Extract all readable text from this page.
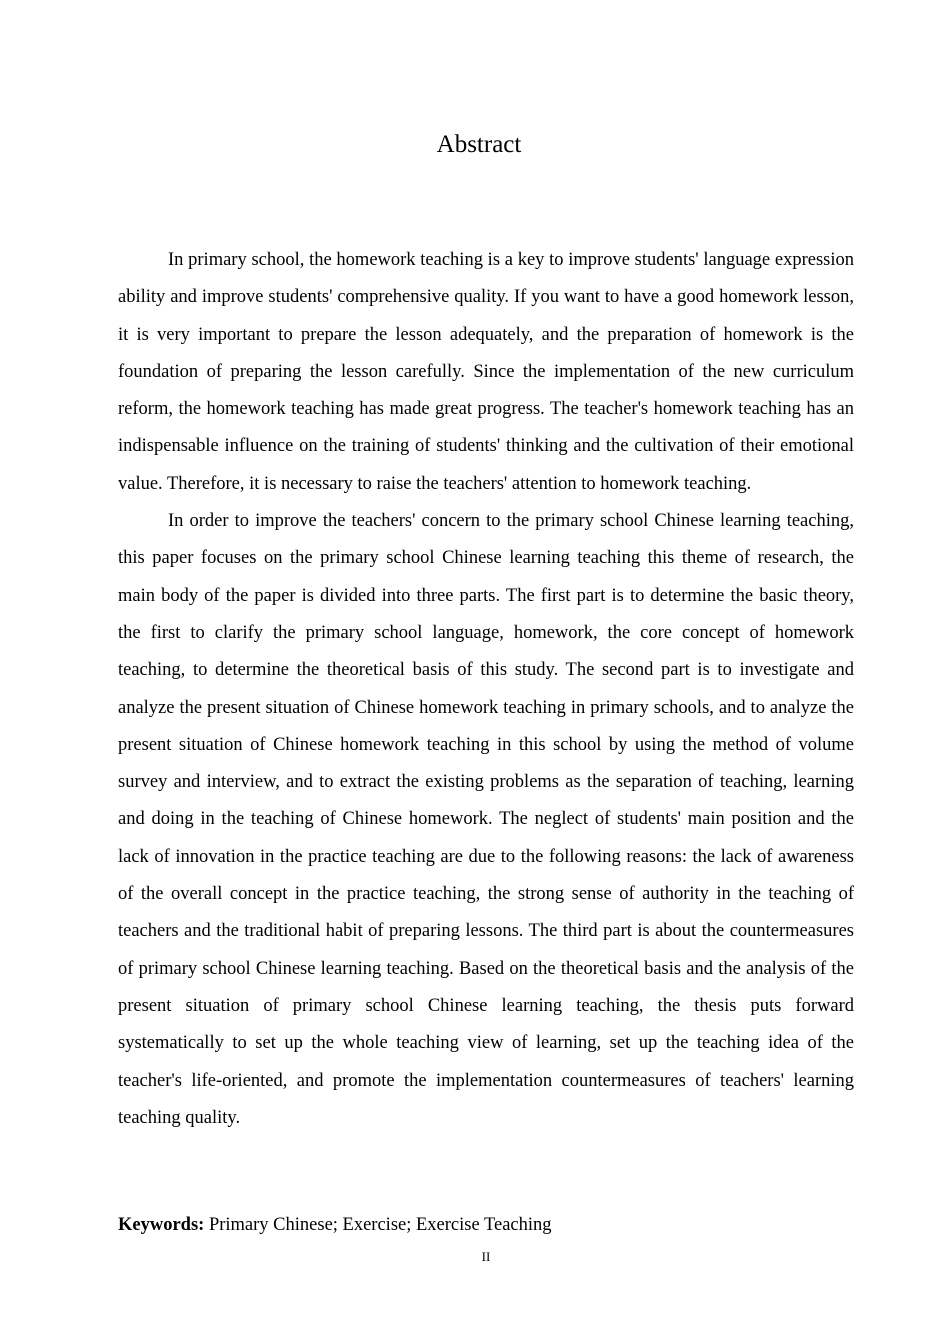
Abstract

In primary school, the homework teaching is a key to improve students' language expression ability and improve students' comprehensive quality. If you want to have a good homework lesson, it is very important to prepare the lesson adequately, and the preparation of homework is the foundation of preparing the lesson carefully. Since the implementation of the new curriculum reform, the homework teaching has made great progress. The teacher's homework teaching has an indispensable influence on the training of students' thinking and the cultivation of their emotional value. Therefore, it is necessary to raise the teachers' attention to homework teaching.

In order to improve the teachers' concern to the primary school Chinese learning teaching, this paper focuses on the primary school Chinese learning teaching this theme of research, the main body of the paper is divided into three parts. The first part is to determine the basic theory, the first to clarify the primary school language, homework, the core concept of homework teaching, to determine the theoretical basis of this study. The second part is to investigate and analyze the present situation of Chinese homework teaching in primary schools, and to analyze the present situation of Chinese homework teaching in this school by using the method of volume survey and interview, and to extract the existing problems as the separation of teaching, learning and doing in the teaching of Chinese homework. The neglect of students' main position and the lack of innovation in the practice teaching are due to the following reasons: the lack of awareness of the overall concept in the practice teaching, the strong sense of authority in the teaching of teachers and the traditional habit of preparing lessons. The third part is about the countermeasures of primary school Chinese learning teaching. Based on the theoretical basis and the analysis of the present situation of primary school Chinese learning teaching, the thesis puts forward systematically to set up the whole teaching view of learning, set up the teaching idea of the teacher's life-oriented, and promote the implementation countermeasures of teachers' learning teaching quality.

Keywords: Primary Chinese; Exercise; Exercise Teaching

II
